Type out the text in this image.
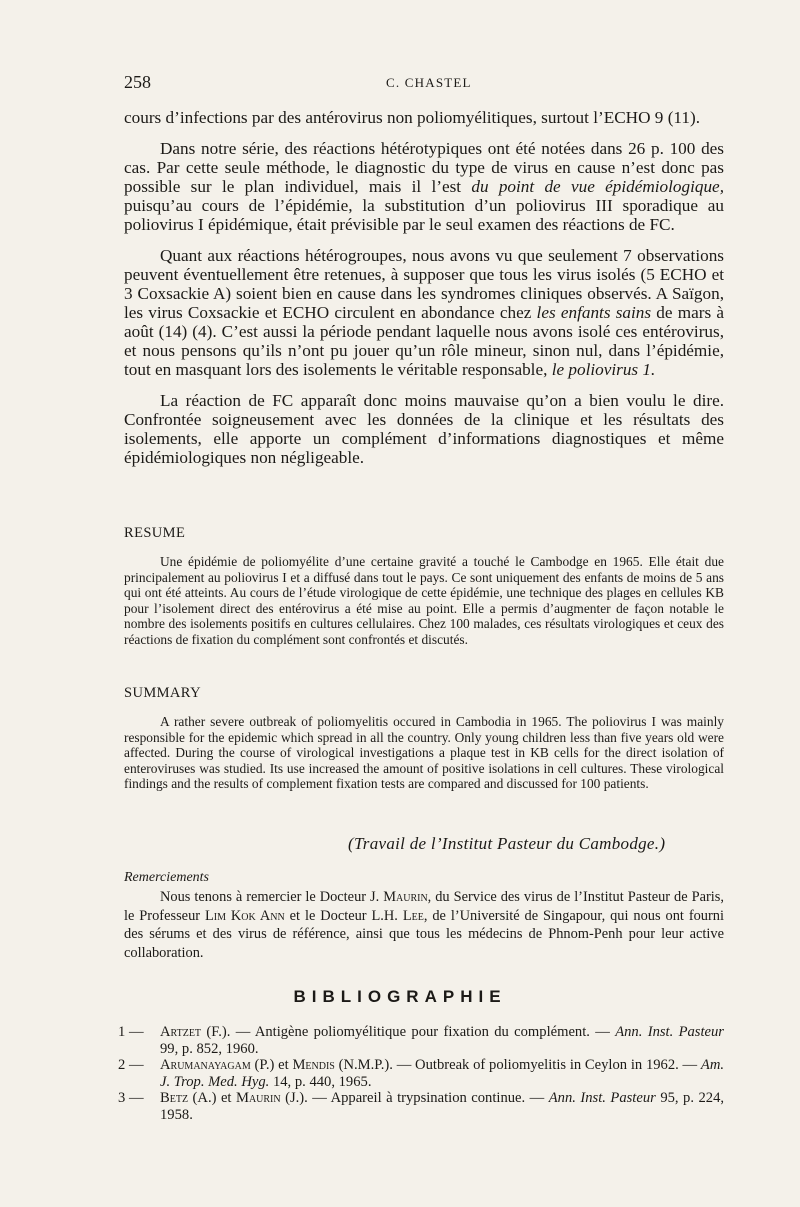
258	C. CHASTEL

cours d’infections par des antérovirus non poliomyélitiques, surtout l’ECHO 9 (11).

Dans notre série, des réactions hétérotypiques ont été notées dans 26 p. 100 des cas. Par cette seule méthode, le diagnostic du type de virus en cause n’est donc pas possible sur le plan individuel, mais il l’est du point de vue épidémiologique, puisqu’au cours de l’épidémie, la substitution d’un poliovirus III sporadique au poliovirus I épidémique, était prévisible par le seul examen des réactions de FC.

Quant aux réactions hétérogroupes, nous avons vu que seulement 7 observations peuvent éventuellement être retenues, à supposer que tous les virus isolés (5 ECHO et 3 Coxsackie A) soient bien en cause dans les syndromes cliniques observés. A Saïgon, les virus Coxsackie et ECHO circulent en abondance chez les enfants sains de mars à août (14) (4). C’est aussi la période pendant laquelle nous avons isolé ces entérovirus, et nous pensons qu’ils n’ont pu jouer qu’un rôle mineur, sinon nul, dans l’épidémie, tout en masquant lors des isolements le véritable responsable, le poliovirus 1.

La réaction de FC apparaît donc moins mauvaise qu’on a bien voulu le dire. Confrontée soigneusement avec les données de la clinique et les résultats des isolements, elle apporte un complément d’informations diagnostiques et même épidémiologiques non négligeable.

RESUME

Une épidémie de poliomyélite d’une certaine gravité a touché le Cambodge en 1965. Elle était due principalement au poliovirus I et a diffusé dans tout le pays. Ce sont uniquement des enfants de moins de 5 ans qui ont été atteints. Au cours de l’étude virologique de cette épidémie, une technique des plages en cellules KB pour l’isolement direct des entérovirus a été mise au point. Elle a permis d’augmenter de façon notable le nombre des isolements positifs en cultures cellulaires. Chez 100 malades, ces résultats virologiques et ceux des réactions de fixation du complément sont confrontés et discutés.

SUMMARY

A rather severe outbreak of poliomyelitis occured in Cambodia in 1965. The poliovirus I was mainly responsible for the epidemic which spread in all the country. Only young children less than five years old were affected. During the course of virological investigations a plaque test in KB cells for the direct isolation of enteroviruses was studied. Its use increased the amount of positive isolations in cell cultures. These virological findings and the results of complement fixation tests are compared and discussed for 100 patients.

(Travail de l’Institut Pasteur du Cambodge.)
Remerciements

Nous tenons à remercier le Docteur J. Maurin, du Service des virus de l’Institut Pasteur de Paris, le Professeur Lim Kok Ann et le Docteur L.H. Lee, de l’Université de Singapour, qui nous ont fourni des sérums et des virus de référence, ainsi que tous les médecins de Phnom-Penh pour leur active collaboration.

BIBLIOGRAPHIE
1 — Artzet (F.). — Antigène poliomyélitique pour fixation du complément. — Ann. Inst. Pasteur 99, p. 852, 1960.
2 — Arumanayagam (P.) et Mendis (N.M.P.). — Outbreak of poliomyelitis in Ceylon in 1962. — Am. J. Trop. Med. Hyg. 14, p. 440, 1965.
3 — Betz (A.) et Maurin (J.). — Appareil à trypsination continue. — Ann. Inst. Pasteur 95, p. 224, 1958.
